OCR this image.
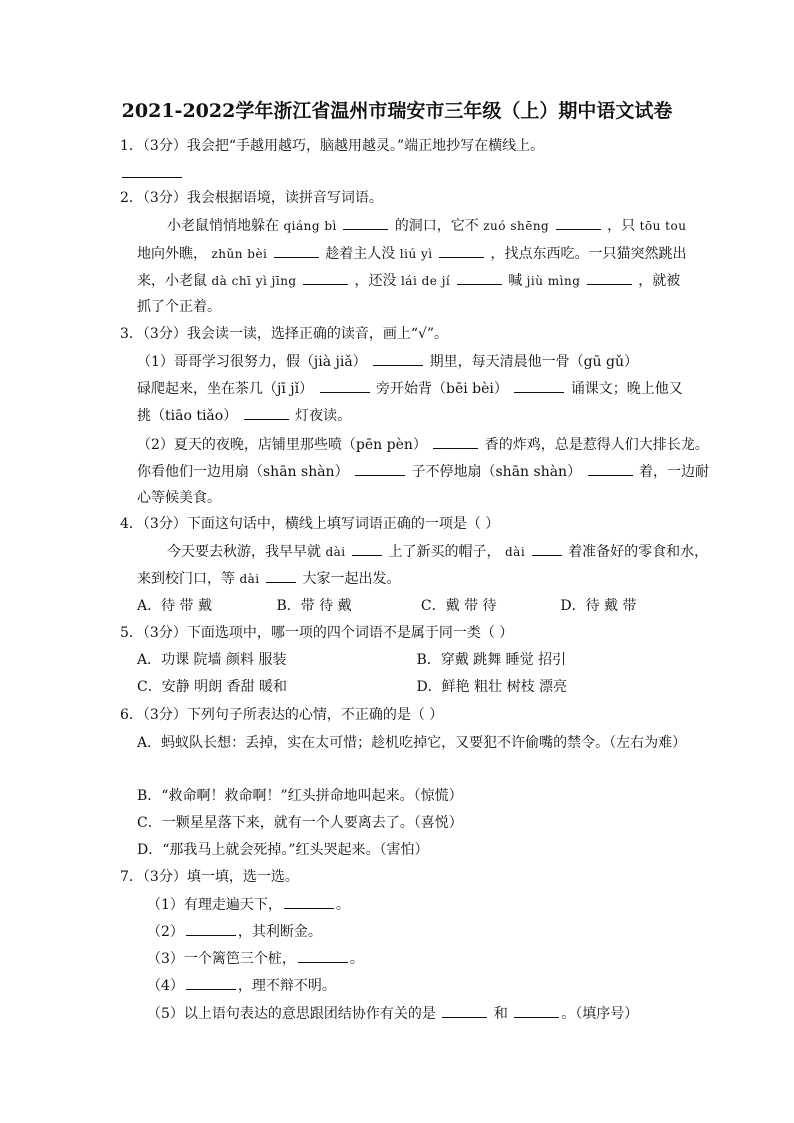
2021-2022学年浙江省温州市瑞安市三年级（上）期中语文试卷
1．（3分）我会把“手越用越巧，脑越用越灵。”端正地抄写在横线上。
2．（3分）我会根据语境，读拼音写词语。
小老鼠悄悄地躲在 qiáng bì	的洞口，它不 zuó shēng	，只 tōu tou
地向外瞧， zhǔn bèi	趁着主人没 liú yì	，找点东西吃。一只猫突然跳出
来，小老鼠 dà chī yì jīng	，还没 lái de jí	喊 jiù mìng	，就被
抓了个正着。
3．（3分）我会读一读，选择正确的读音，画上“√”。
（1）哥哥学习很努力，假（jià jiǎ）	期里，每天清晨他一骨（gū gǔ）
碌爬起来，坐在茶几（jī jǐ）	旁开始背（bēi bèi）	诵课文；晚上他又
挑（tiāo tiǎo）	灯夜读。
（2）夏天的夜晚，店铺里那些喷（pēn pèn）	香的炸鸡，总是惹得人们大排长龙。
你看他们一边用扇（shān shàn）	子不停地扇（shān shàn）	着，一边耐
心等候美食。
4．（3分）下面这句话中，横线上填写词语正确的一项是（ ）
今天要去秋游，我早早就 dài	上了新买的帽子， dài	着准备好的零食和水，
来到校门口，等 dài	大家一起出发。
A．待 带 戴	B．带 待 戴	C．戴 带 待	D．待 戴 带
5．（3分）下面选项中，哪一项的四个词语不是属于同一类（ ）
A．功课 院墙 颜料 服装	B．穿戴 跳舞 睡觉 招引
C．安静 明朗 香甜 暖和	D．鲜艳 粗壮 树枝 漂亮
6．（3分）下列句子所表达的心情，不正确的是（ ）
A．蚂蚁队长想：丢掉，实在太可惜；趁机吃掉它，又要犯不许偷嘴的禁令。（左右为难）
B．“救命啊！救命啊！”红头拼命地叫起来。（惊慌）
C．一颗星星落下来，就有一个人要离去了。（喜悦）
D．“那我马上就会死掉。”红头哭起来。（害怕）
7．（3分）填一填，选一选。
（1）有理走遍天下，	。
（2）	，其利断金。
（3）一个篱笆三个桩，	。
（4）	，理不辩不明。
（5）以上语句表达的意思跟团结协作有关的是	和	。（填序号）
